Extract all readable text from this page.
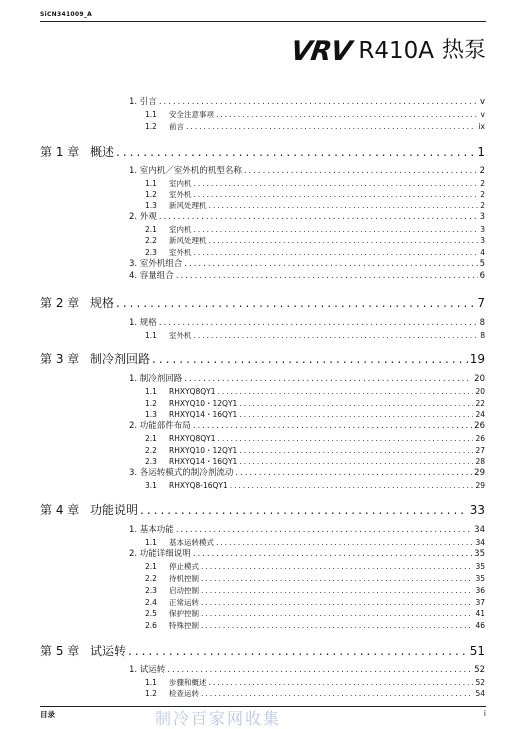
SiCN341009_A
VRV R410A 热泵
1. 引言 .....	v
1.1 安全注意事项 .....	v
1.2 前言 .....	ix
第 1 章 概述 .....	1
1. 室内机／室外机的机型名称 .....	2
1.1 室内机 .....	2
1.2 室外机 .....	2
1.3 新风处理机 .....	2
2. 外观 .....	3
2.1 室内机 .....	3
2.2 新风处理机 .....	3
2.3 室外机 .....	4
3. 室外机组合 .....	5
4. 容量组合 .....	6
第 2 章 规格 .....	7
1. 规格 .....	8
1.1 室外机 .....	8
第 3 章 制冷剂回路 .....	19
1. 制冷剂回路 .....	20
1.1 RHXYQ8QY1 .....	20
1.2 RHXYQ10・12QY1 .....	22
1.3 RHXYQ14・16QY1 .....	24
2. 功能部件布局 .....	26
2.1 RHXYQ8QY1 .....	26
2.2 RHXYQ10・12QY1 .....	27
2.3 RHXYQ14・16QY1 .....	28
3. 各运转模式的制冷剂流动 .....	29
3.1 RHXYQ8-16QY1 .....	29
第 4 章 功能说明 .....	33
1. 基本功能 .....	34
1.1 基本运转模式 .....	34
2. 功能详细说明 .....	35
2.1 停止模式 .....	35
2.2 待机控制 .....	35
2.3 启动控制 .....	36
2.4 正常运转 .....	37
2.5 保护控制 .....	41
2.6 特殊控制 .....	46
第 5 章 试运转 .....	51
1. 试运转 .....	52
1.1 步骤和概述 .....	52
1.2 检查运转 .....	54
目录	制冷百家网收集	i
